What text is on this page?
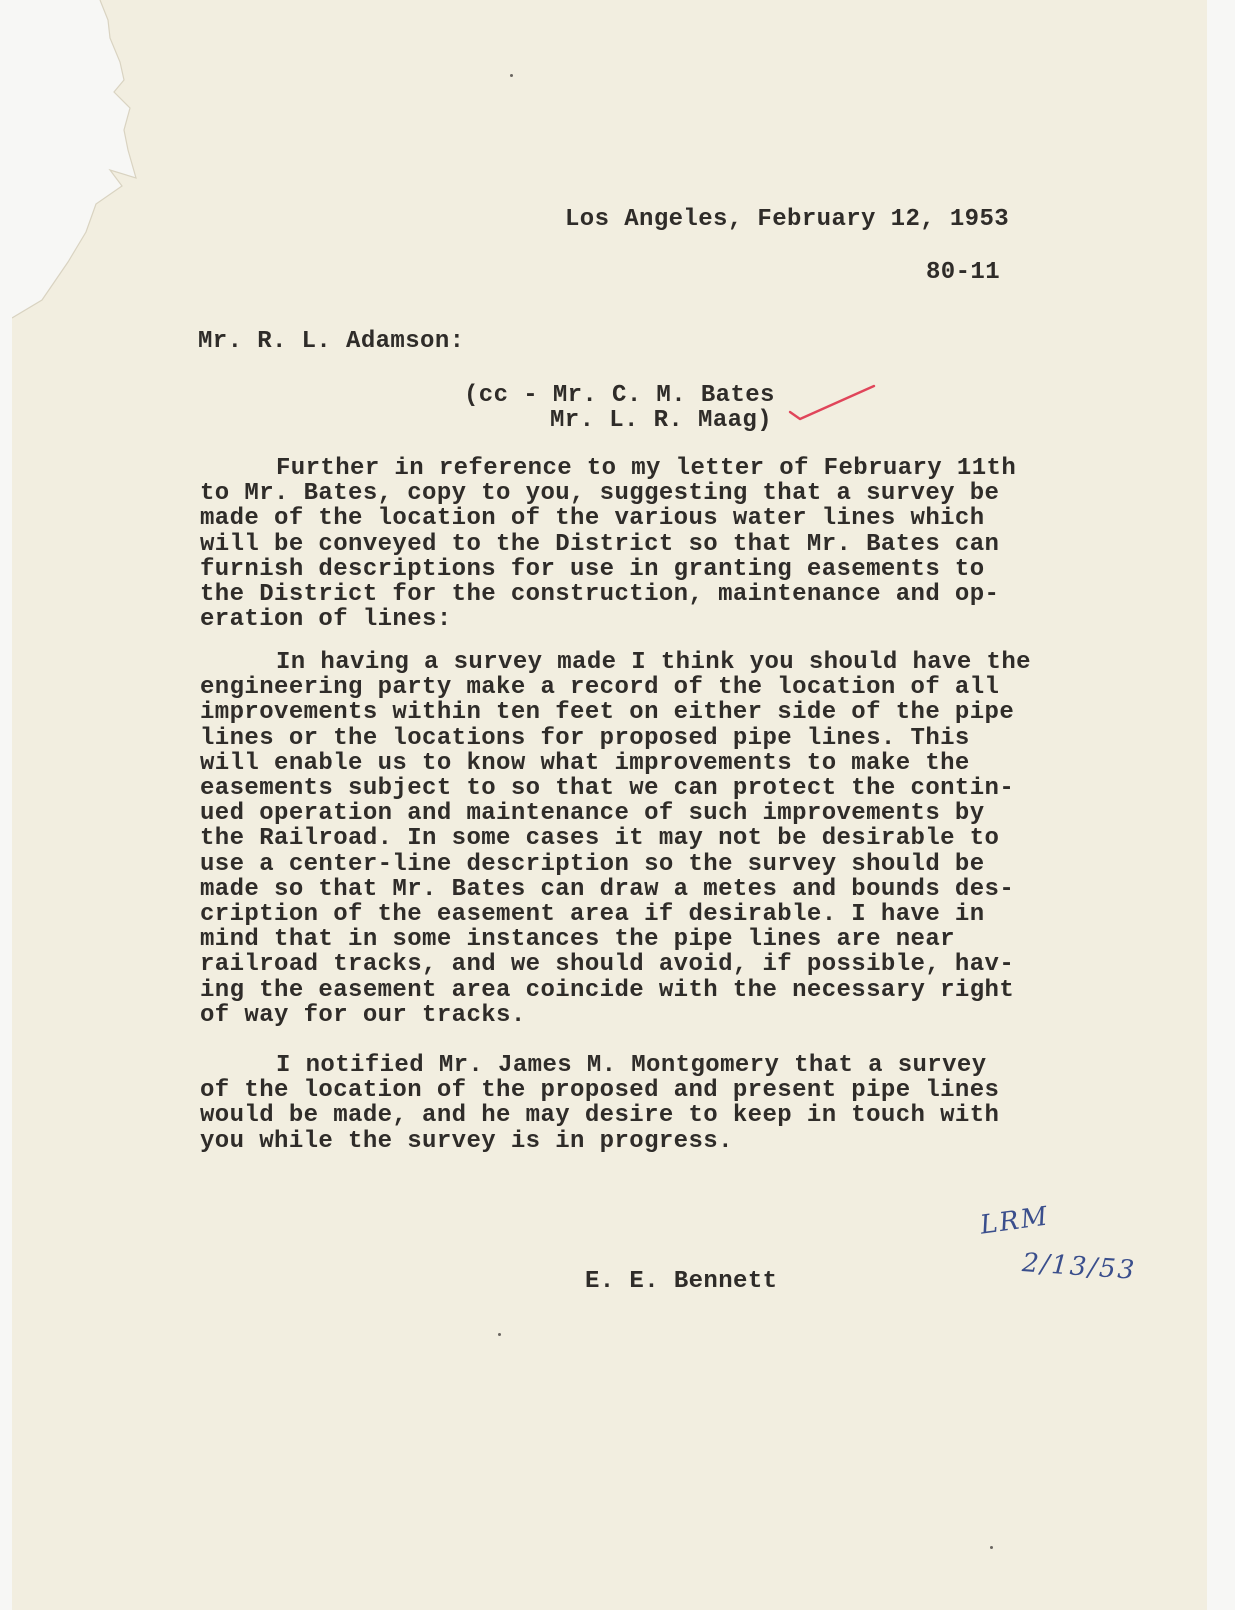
Los Angeles, February 12, 1953

80-11

Mr. R. L. Adamson:

(cc - Mr. C. M. Bates

Mr. L. R. Maag)

Further in reference to my letter of February 11th
to Mr. Bates, copy to you, suggesting that a survey be
made of the location of the various water lines which
will be conveyed to the District so that Mr. Bates can
furnish descriptions for use in granting easements to
the District for the construction, maintenance and op-
eration of lines:

In having a survey made I think you should have the
engineering party make a record of the location of all
improvements within ten feet on either side of the pipe
lines or the locations for proposed pipe lines. This
will enable us to know what improvements to make the
easements subject to so that we can protect the contin-
ued operation and maintenance of such improvements by
the Railroad. In some cases it may not be desirable to
use a center-line description so the survey should be
made so that Mr. Bates can draw a metes and bounds des-
cription of the easement area if desirable. I have in
mind that in some instances the pipe lines are near
railroad tracks, and we should avoid, if possible, hav-
ing the easement area coincide with the necessary right
of way for our tracks.

I notified Mr. James M. Montgomery that a survey
of the location of the proposed and present pipe lines
would be made, and he may desire to keep in touch with
you while the survey is in progress.

E. E. Bennett

LRM

2/13/53
